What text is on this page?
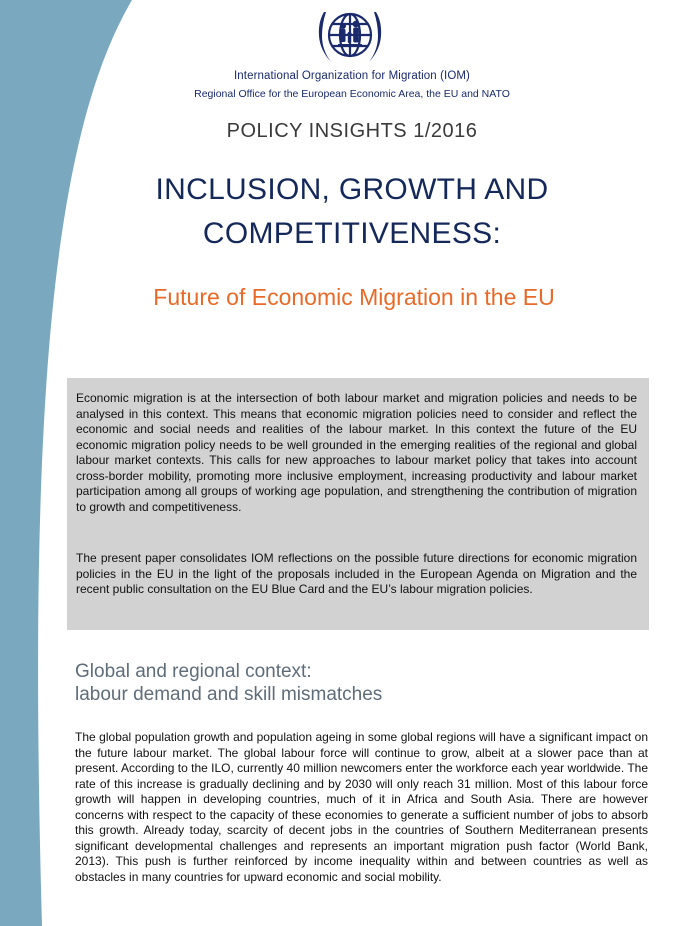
International Organization for Migration (IOM)
Regional Office for the European Economic Area, the EU and NATO
POLICY INSIGHTS 1/2016
INCLUSION, GROWTH AND
COMPETITIVENESS:
Future of Economic Migration in the EU

Economic migration is at the intersection of both labour market and migration policies and needs to be analysed in this context. This means that economic migration policies need to consider and reflect the economic and social needs and realities of the labour market. In this context the future of the EU economic migration policy needs to be well grounded in the emerging realities of the regional and global labour market contexts. This calls for new approaches to labour market policy that takes into account cross-border mobility, promoting more inclusive employment, increasing productivity and labour market participation among all groups of working age population, and strengthening the contribution of migration to growth and competitiveness.

The present paper consolidates IOM reflections on the possible future directions for economic migration policies in the EU in the light of the proposals included in the European Agenda on Migration and the recent public consultation on the EU Blue Card and the EU’s labour migration policies.

Global and regional context:
labour demand and skill mismatches

The global population growth and population ageing in some global regions will have a significant impact on the future labour market. The global labour force will continue to grow, albeit at a slower pace than at present. According to the ILO, currently 40 million newcomers enter the workforce each year worldwide. The rate of this increase is gradually declining and by 2030 will only reach 31 million. Most of this labour force growth will happen in developing countries, much of it in Africa and South Asia. There are however concerns with respect to the capacity of these economies to generate a sufficient number of jobs to absorb this growth. Already today, scarcity of decent jobs in the countries of Southern Mediterranean presents significant developmental challenges and represents an important migration push factor (World Bank, 2013). This push is further reinforced by income inequality within and between countries as well as obstacles in many countries for upward economic and social mobility.
